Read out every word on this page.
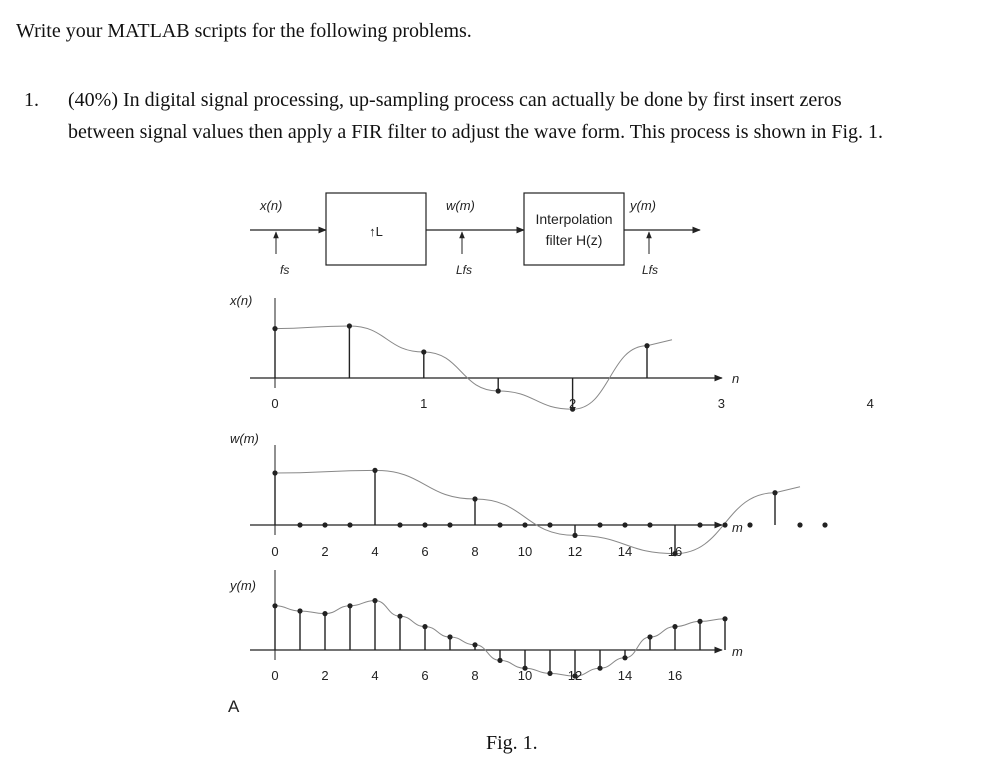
Write your MATLAB scripts for the following problems.
1. (40%) In digital signal processing, up-sampling process can actually be done by first insert zeros
between signal values then apply a FIR filter to adjust the wave form. This process is shown in Fig. 1.
x(n)
fs
↑L
w(m)
Lfs
Interpolation
filter H(z)
y(m)
Lfs
x(n)
n
0	1	2	3	4
w(m)
m
0	2	4	6	8	10	12	14	16
y(m)
m
0	2	4	6	8	10	12	14	16
A
Fig. 1.
